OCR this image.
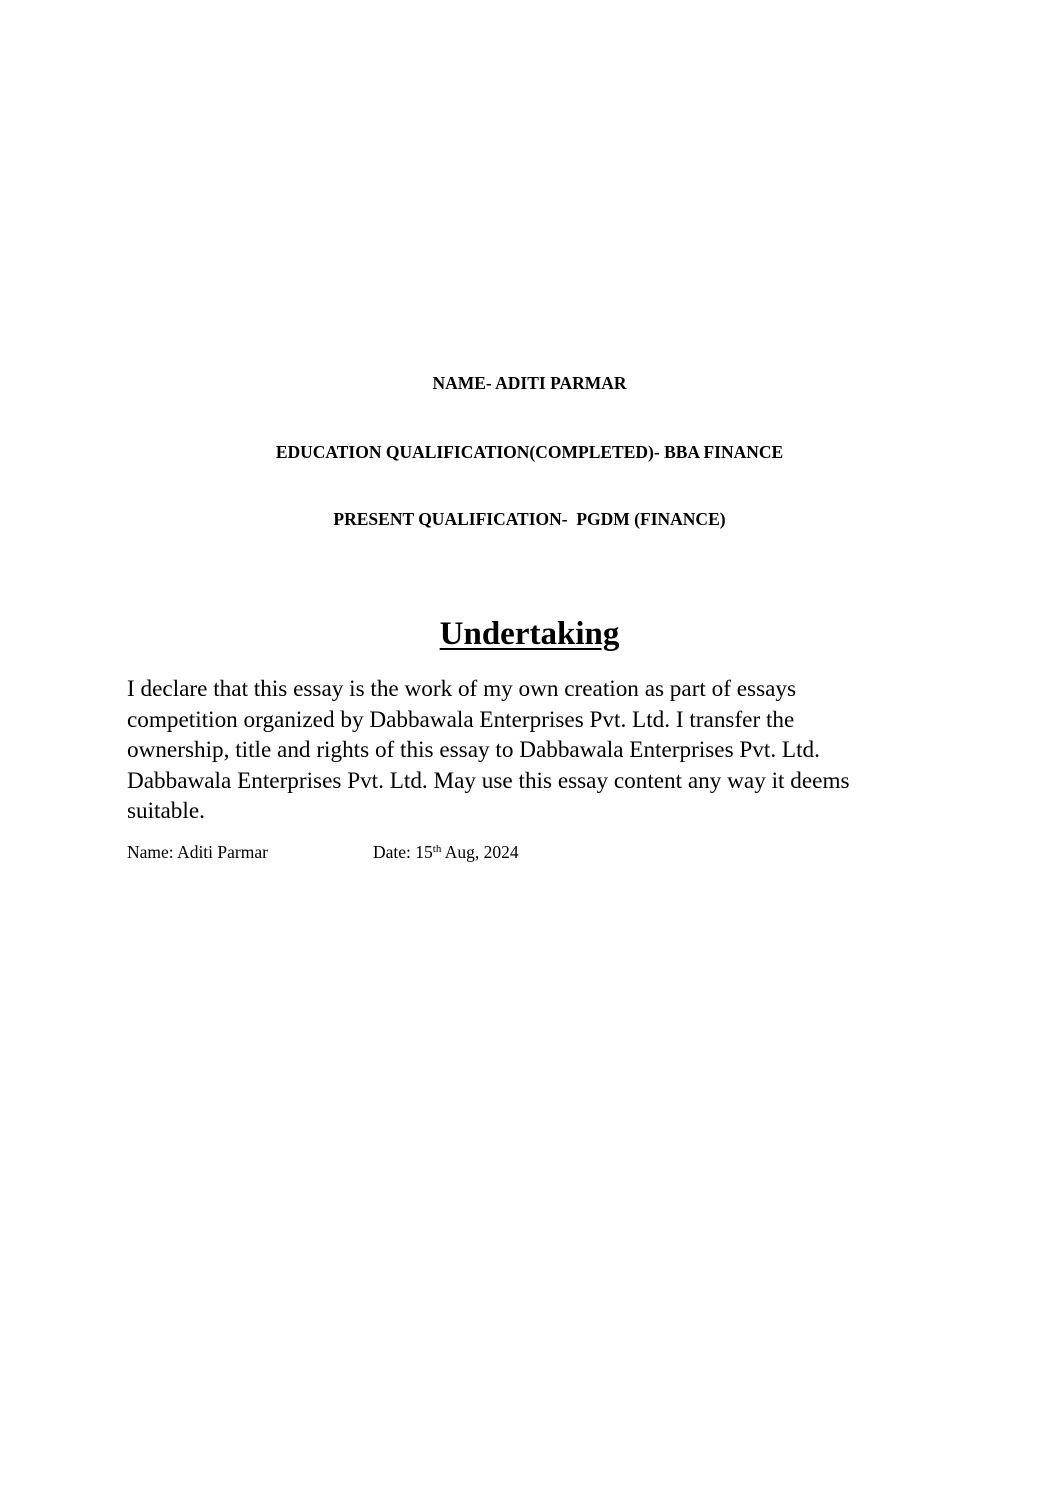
NAME- ADITI PARMAR
EDUCATION QUALIFICATION(COMPLETED)- BBA FINANCE
PRESENT QUALIFICATION-  PGDM (FINANCE)
Undertaking
I declare that this essay is the work of my own creation as part of essays
competition organized by Dabbawala Enterprises Pvt. Ltd. I transfer the
ownership, title and rights of this essay to Dabbawala Enterprises Pvt. Ltd.
Dabbawala Enterprises Pvt. Ltd. May use this essay content any way it deems
suitable.
Name: Aditi Parmar	Date: 15th Aug, 2024
